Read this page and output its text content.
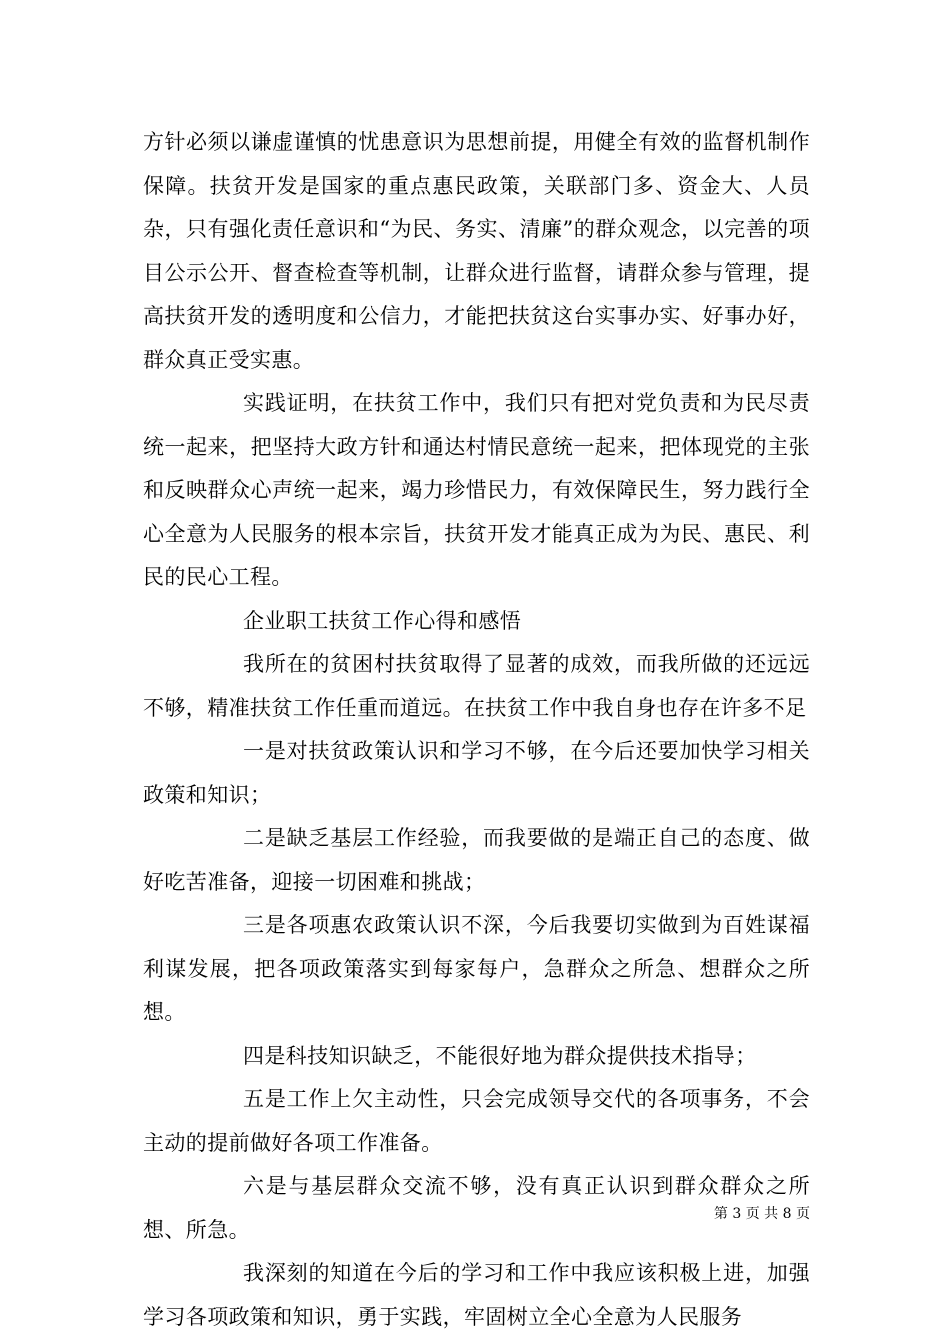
方针必须以谦虚谨慎的忧患意识为思想前提，用健全有效的监督机制作保障。扶贫开发是国家的重点惠民政策，关联部门多、资金大、人员杂，只有强化责任意识和“为民、务实、清廉”的群众观念，以完善的项目公示公开、督查检查等机制，让群众进行监督，请群众参与管理，提高扶贫开发的透明度和公信力，才能把扶贫这台实事办实、好事办好，群众真正受实惠。

实践证明，在扶贫工作中，我们只有把对党负责和为民尽责统一起来，把坚持大政方针和通达村情民意统一起来，把体现党的主张和反映群众心声统一起来，竭力珍惜民力，有效保障民生，努力践行全心全意为人民服务的根本宗旨，扶贫开发才能真正成为为民、惠民、利民的民心工程。

企业职工扶贫工作心得和感悟

我所在的贫困村扶贫取得了显著的成效，而我所做的还远远不够，精准扶贫工作任重而道远。在扶贫工作中我自身也存在许多不足

一是对扶贫政策认识和学习不够，在今后还要加快学习相关政策和知识；

二是缺乏基层工作经验，而我要做的是端正自己的态度、做好吃苦准备，迎接一切困难和挑战；

三是各项惠农政策认识不深，今后我要切实做到为百姓谋福利谋发展，把各项政策落实到每家每户，急群众之所急、想群众之所想。

四是科技知识缺乏，不能很好地为群众提供技术指导；

五是工作上欠主动性，只会完成领导交代的各项事务，不会主动的提前做好各项工作准备。

六是与基层群众交流不够，没有真正认识到群众群众之所想、所急。

我深刻的知道在今后的学习和工作中我应该积极上进，加强学习各项政策和知识，勇于实践，牢固树立全心全意为人民服务

第 3 页 共 8 页
